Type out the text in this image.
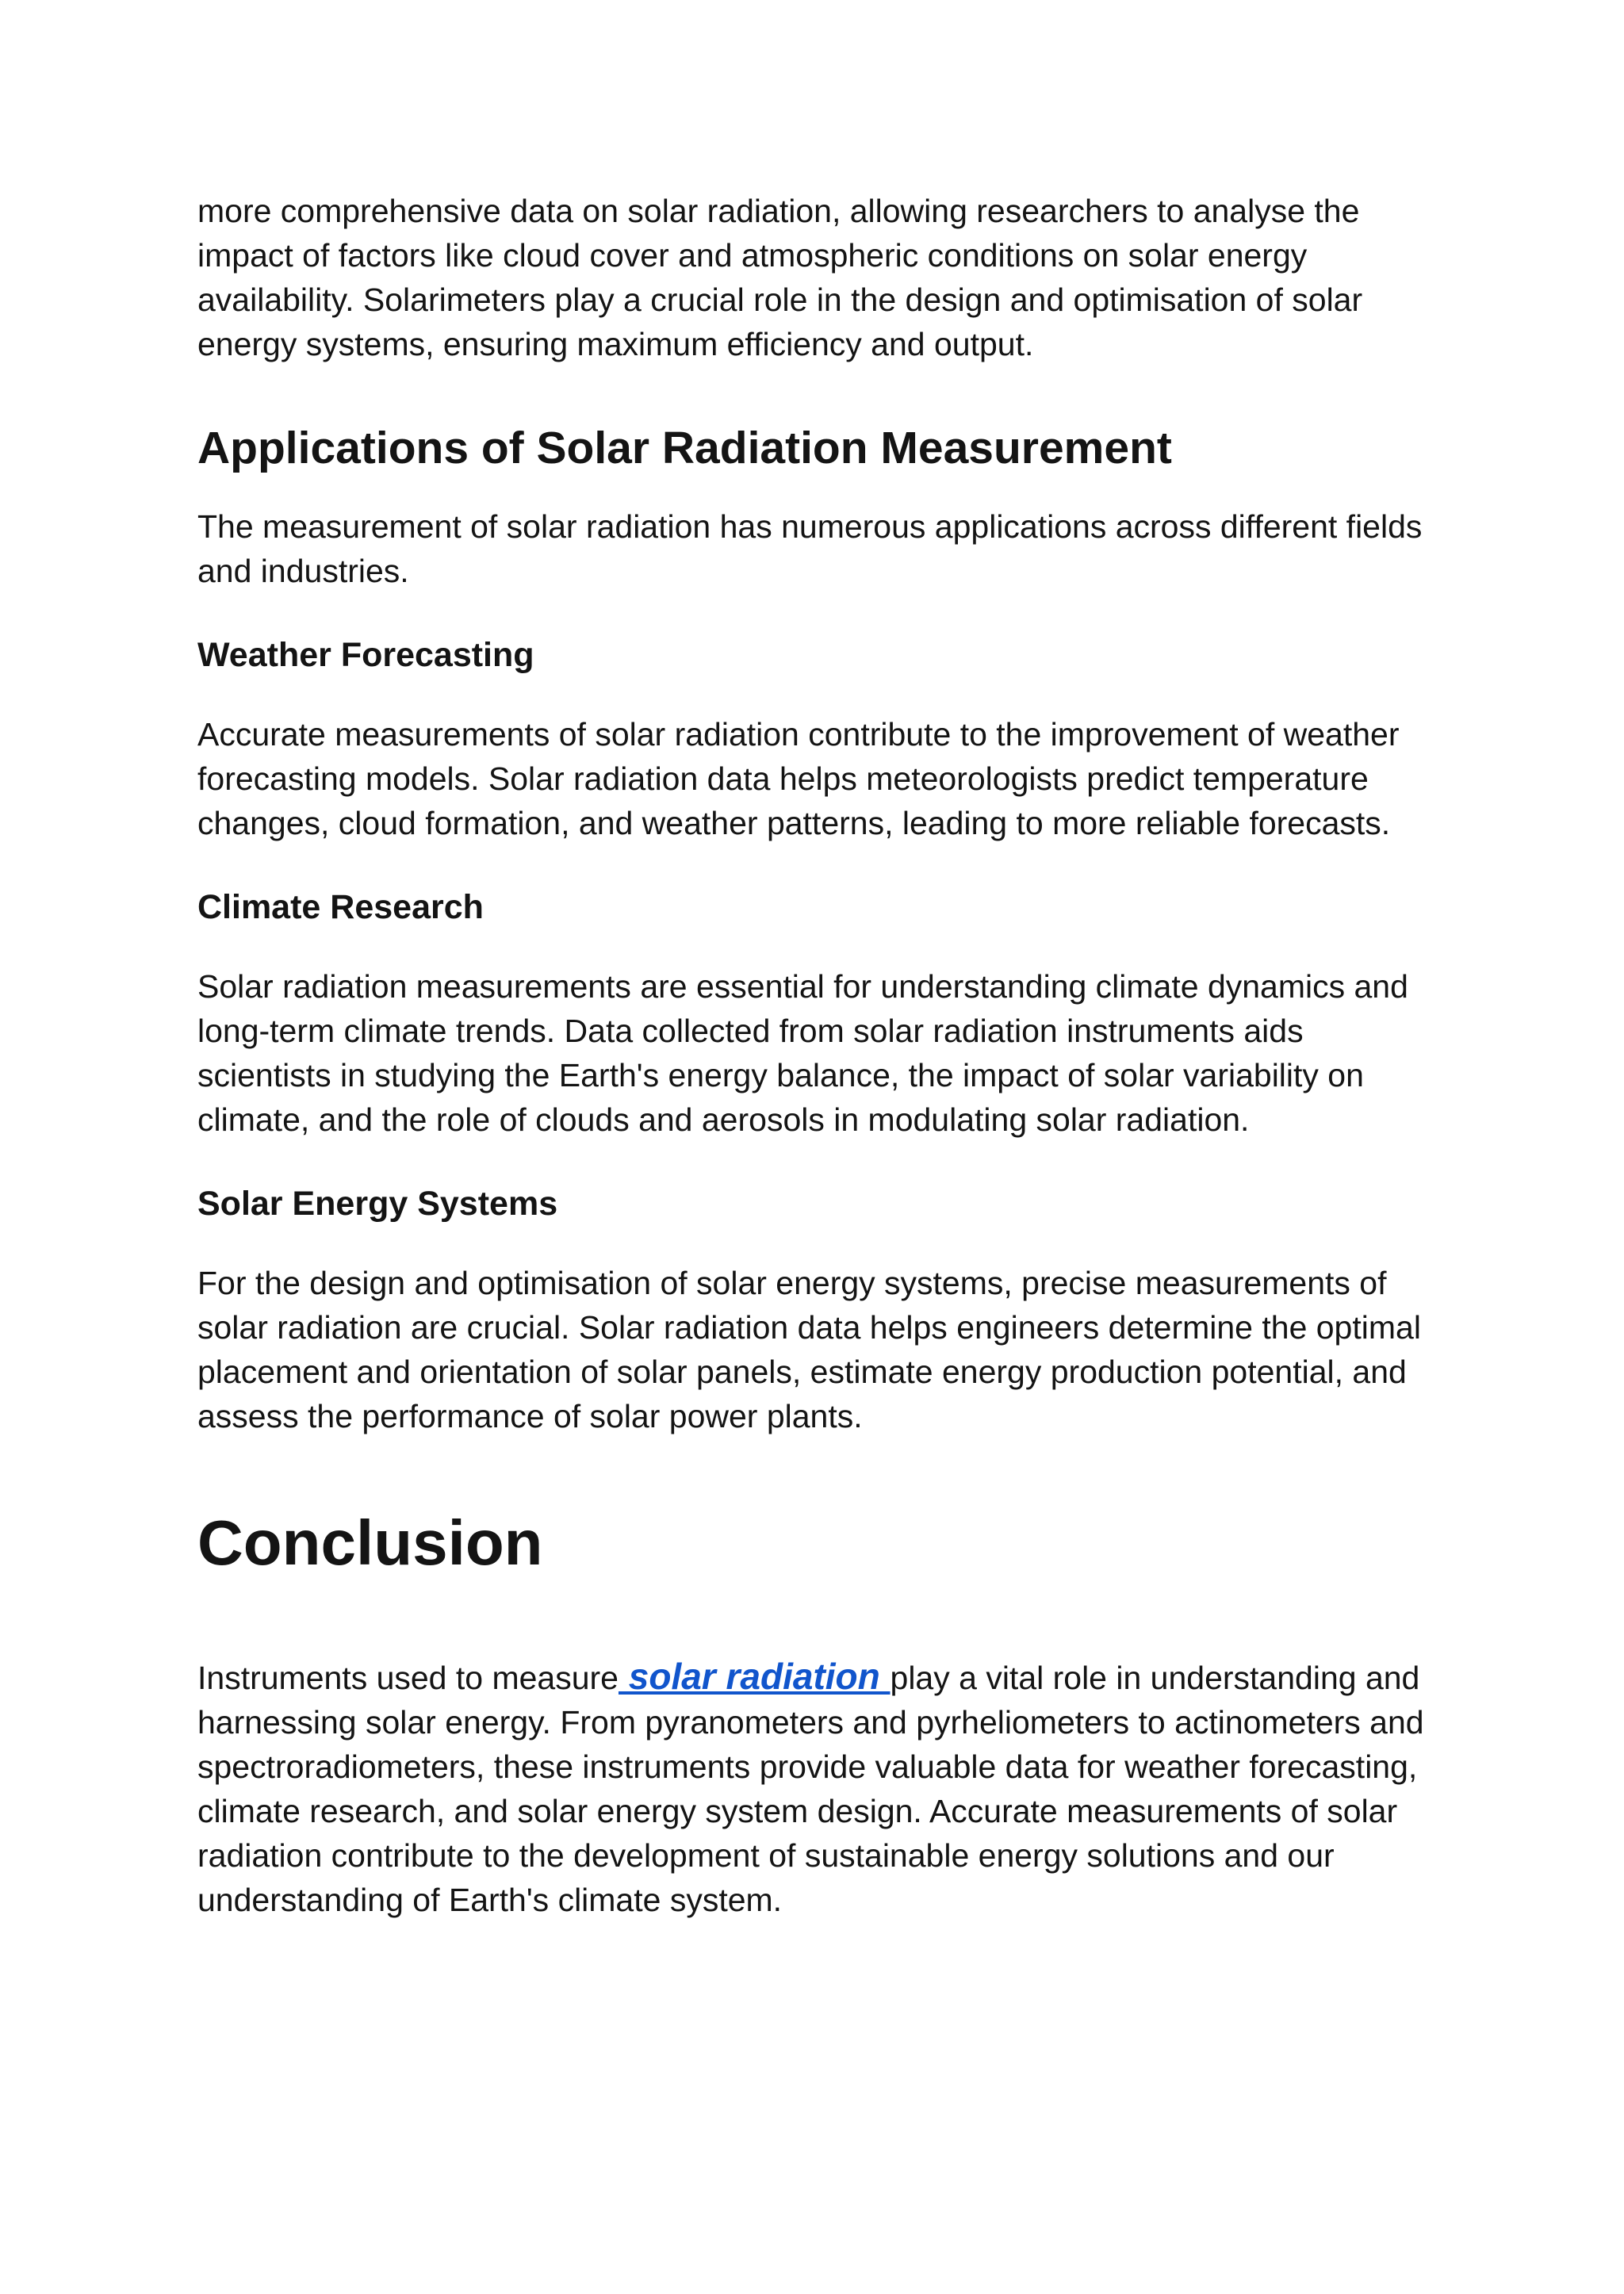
more comprehensive data on solar radiation, allowing researchers to analyse the impact of factors like cloud cover and atmospheric conditions on solar energy availability. Solarimeters play a crucial role in the design and optimisation of solar energy systems, ensuring maximum efficiency and output.

Applications of Solar Radiation Measurement

The measurement of solar radiation has numerous applications across different fields and industries.

Weather Forecasting

Accurate measurements of solar radiation contribute to the improvement of weather forecasting models. Solar radiation data helps meteorologists predict temperature changes, cloud formation, and weather patterns, leading to more reliable forecasts.

Climate Research

Solar radiation measurements are essential for understanding climate dynamics and long-term climate trends. Data collected from solar radiation instruments aids scientists in studying the Earth's energy balance, the impact of solar variability on climate, and the role of clouds and aerosols in modulating solar radiation.

Solar Energy Systems

For the design and optimisation of solar energy systems, precise measurements of solar radiation are crucial. Solar radiation data helps engineers determine the optimal placement and orientation of solar panels, estimate energy production potential, and assess the performance of solar power plants.

Conclusion

Instruments used to measure solar radiation play a vital role in understanding and harnessing solar energy. From pyranometers and pyrheliometers to actinometers and spectroradiometers, these instruments provide valuable data for weather forecasting, climate research, and solar energy system design. Accurate measurements of solar radiation contribute to the development of sustainable energy solutions and our understanding of Earth's climate system.
